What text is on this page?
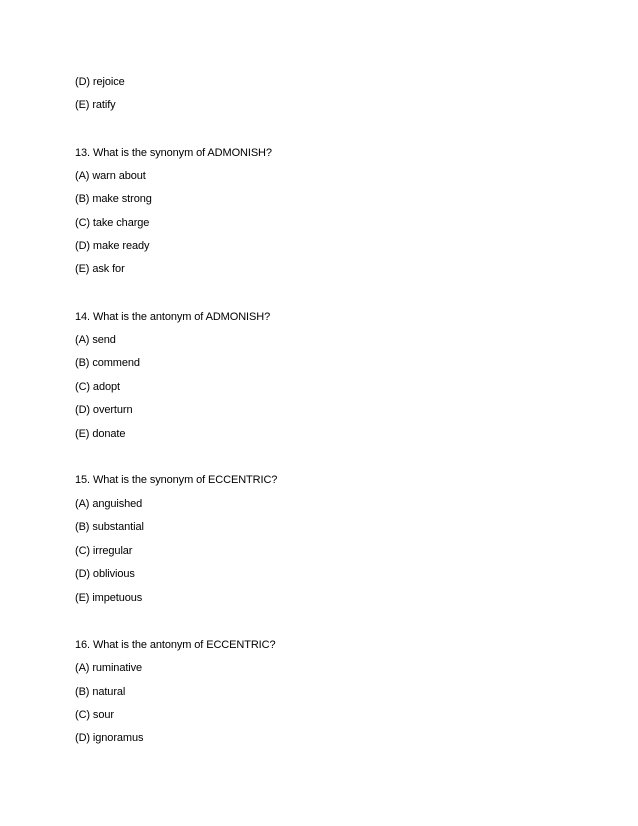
(D) rejoice
(E) ratify
13. What is the synonym of ADMONISH?
(A) warn about
(B) make strong
(C) take charge
(D) make ready
(E) ask for
14. What is the antonym of ADMONISH?
(A) send
(B) commend
(C) adopt
(D) overturn
(E) donate
15. What is the synonym of ECCENTRIC?
(A) anguished
(B) substantial
(C) irregular
(D) oblivious
(E) impetuous
16. What is the antonym of ECCENTRIC?
(A) ruminative
(B) natural
(C) sour
(D) ignoramus
